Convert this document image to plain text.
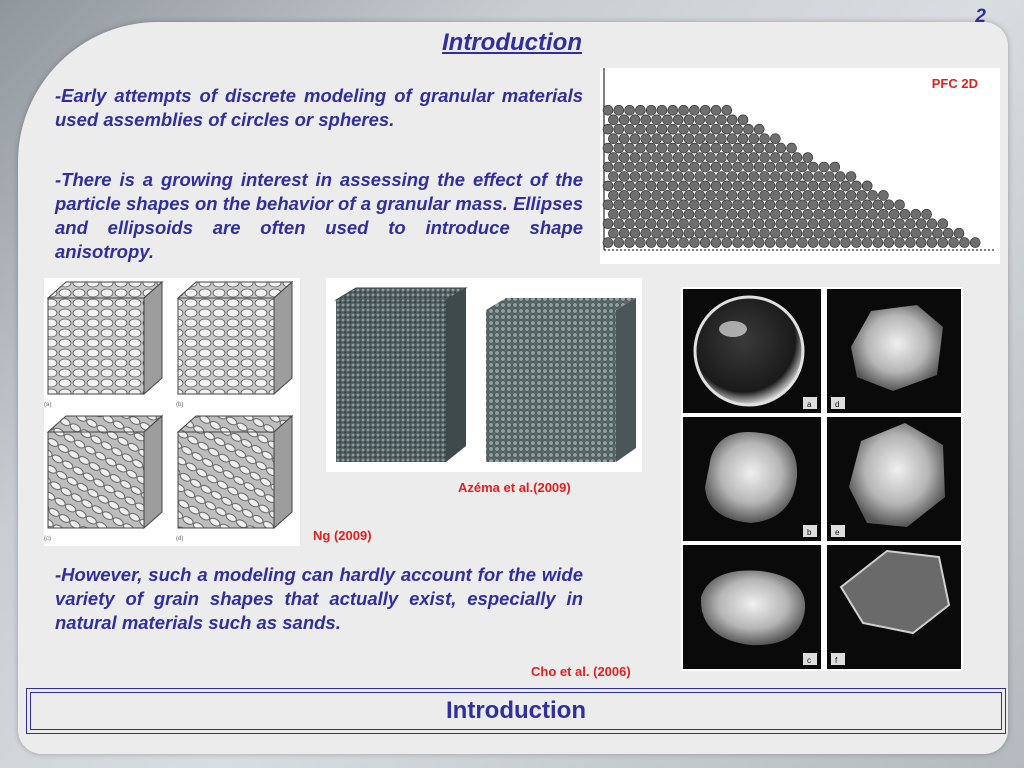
2
Introduction
-Early attempts of discrete modeling of granular materials used assemblies of circles or spheres.
-There is a growing interest in assessing the effect of the particle shapes on the behavior of a granular mass. Ellipses and ellipsoids are often used to introduce shape anisotropy.
-However, such a modeling can hardly account for the wide variety of grain shapes that actually exist, especially in natural materials such as sands.
PFC 2D
(a)	(b)
(c)	(d)	Ng (2009)
Azéma et al.(2009)
a	d
b	e
c	f
Cho et al. (2006)
Introduction
